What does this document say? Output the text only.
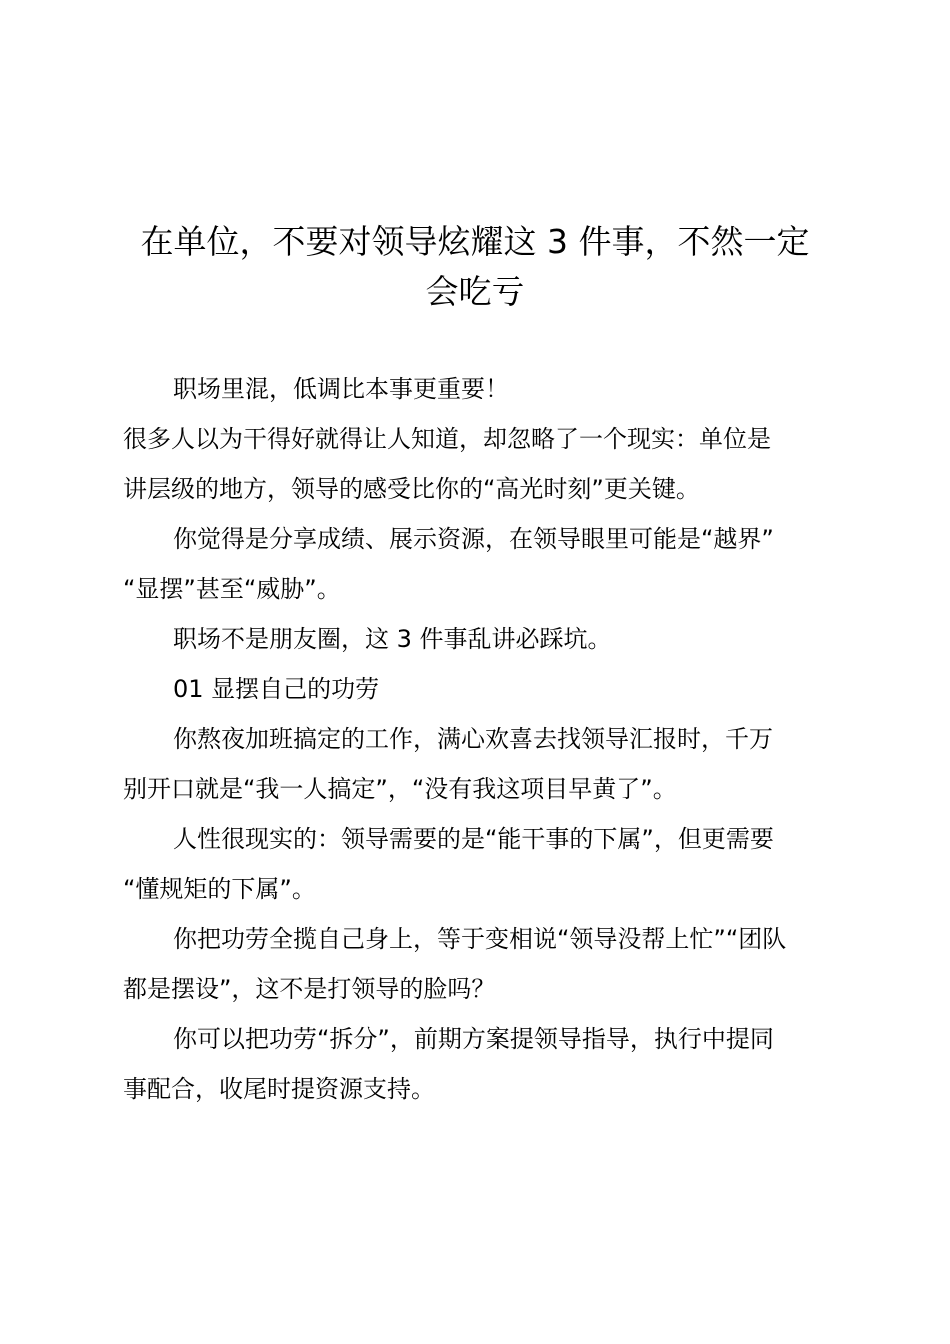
在单位，不要对领导炫耀这 3 件事，不然一定
会吃亏
职场里混，低调比本事更重要！
很多人以为干得好就得让人知道，却忽略了一个现实：单位是
讲层级的地方，领导的感受比你的“高光时刻”更关键。
你觉得是分享成绩、展示资源，在领导眼里可能是“越界”
“显摆”甚至“威胁”。
职场不是朋友圈，这 3 件事乱讲必踩坑。
01 显摆自己的功劳
你熬夜加班搞定的工作，满心欢喜去找领导汇报时，千万
别开口就是“我一人搞定”，“没有我这项目早黄了”。
人性很现实的：领导需要的是“能干事的下属”，但更需要
“懂规矩的下属”。
你把功劳全揽自己身上，等于变相说“领导没帮上忙”“团队
都是摆设”，这不是打领导的脸吗？
你可以把功劳“拆分”，前期方案提领导指导，执行中提同
事配合，收尾时提资源支持。
